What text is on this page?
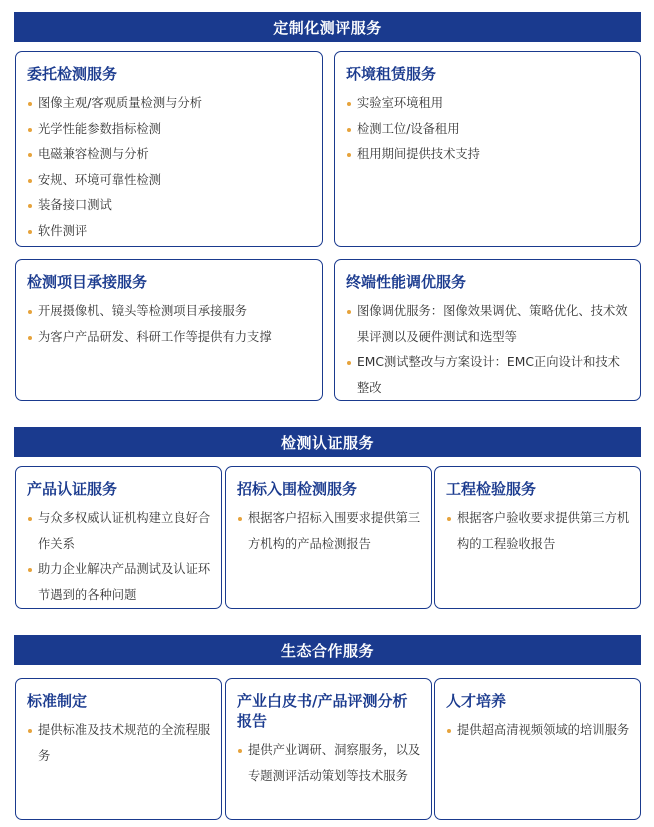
定制化测评服务
委托检测服务
图像主观/客观质量检测与分析
光学性能参数指标检测
电磁兼容检测与分析
安规、环境可靠性检测
装备接口测试
软件测评
环境租赁服务
实验室环境租用
检测工位/设备租用
租用期间提供技术支持
检测项目承接服务
开展摄像机、镜头等检测项目承接服务
为客户产品研发、科研工作等提供有力支撑
终端性能调优服务
图像调优服务：图像效果调优、策略优化、技术效果评测以及硬件测试和选型等
EMC测试整改与方案设计：EMC正向设计和技术整改
检测认证服务
产品认证服务
与众多权威认证机构建立良好合作关系
助力企业解决产品测试及认证环节遇到的各种问题
招标入围检测服务
根据客户招标入围要求提供第三方机构的产品检测报告
工程检验服务
根据客户验收要求提供第三方机构的工程验收报告
生态合作服务
标准制定
提供标准及技术规范的全流程服务
产业白皮书/产品评测分析报告
提供产业调研、洞察服务，以及专题测评活动策划等技术服务
人才培养
提供超高清视频领域的培训服务
